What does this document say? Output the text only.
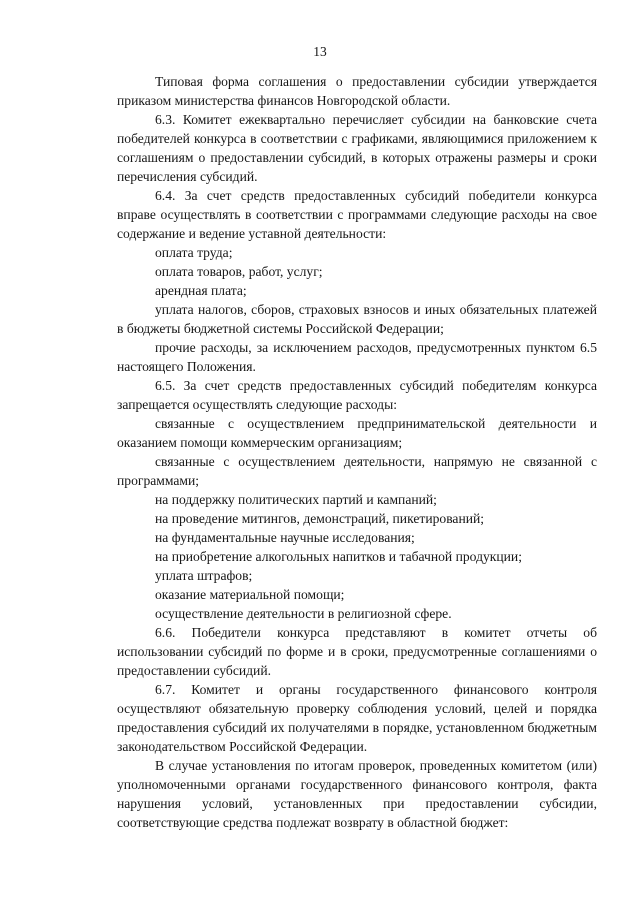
13

Типовая форма соглашения о предоставлении субсидии утверждается приказом министерства финансов Новгородской области.

6.3. Комитет ежеквартально перечисляет субсидии на банковские счета победителей конкурса в соответствии с графиками, являющимися приложением к соглашениям о предоставлении субсидий, в которых отражены размеры и сроки перечисления субсидий.

6.4. За счет средств предоставленных субсидий победители конкурса вправе осуществлять в соответствии с программами следующие расходы на свое содержание и ведение уставной деятельности:

оплата труда;

оплата товаров, работ, услуг;

арендная плата;

уплата налогов, сборов, страховых взносов и иных обязательных платежей в бюджеты бюджетной системы Российской Федерации;

прочие расходы, за исключением расходов, предусмотренных пунктом 6.5 настоящего Положения.

6.5. За счет средств предоставленных субсидий победителям конкурса запрещается осуществлять следующие расходы:

связанные с осуществлением предпринимательской деятельности и оказанием помощи коммерческим организациям;

связанные с осуществлением деятельности, напрямую не связанной с программами;

на поддержку политических партий и кампаний;

на проведение митингов, демонстраций, пикетирований;

на фундаментальные научные исследования;

на приобретение алкогольных напитков и табачной продукции;

уплата штрафов;

оказание материальной помощи;

осуществление деятельности в религиозной сфере.

6.6. Победители конкурса представляют в комитет отчеты об использовании субсидий по форме и в сроки, предусмотренные соглашениями о предоставлении субсидий.

6.7. Комитет и органы государственного финансового контроля осуществляют обязательную проверку соблюдения условий, целей и порядка предоставления субсидий их получателями в порядке, установленном бюджетным законодательством Российской Федерации.

В случае установления по итогам проверок, проведенных комитетом (или) уполномоченными органами государственного финансового контроля, факта нарушения условий, установленных при предоставлении субсидии, соответствующие средства подлежат возврату в областной бюджет:
